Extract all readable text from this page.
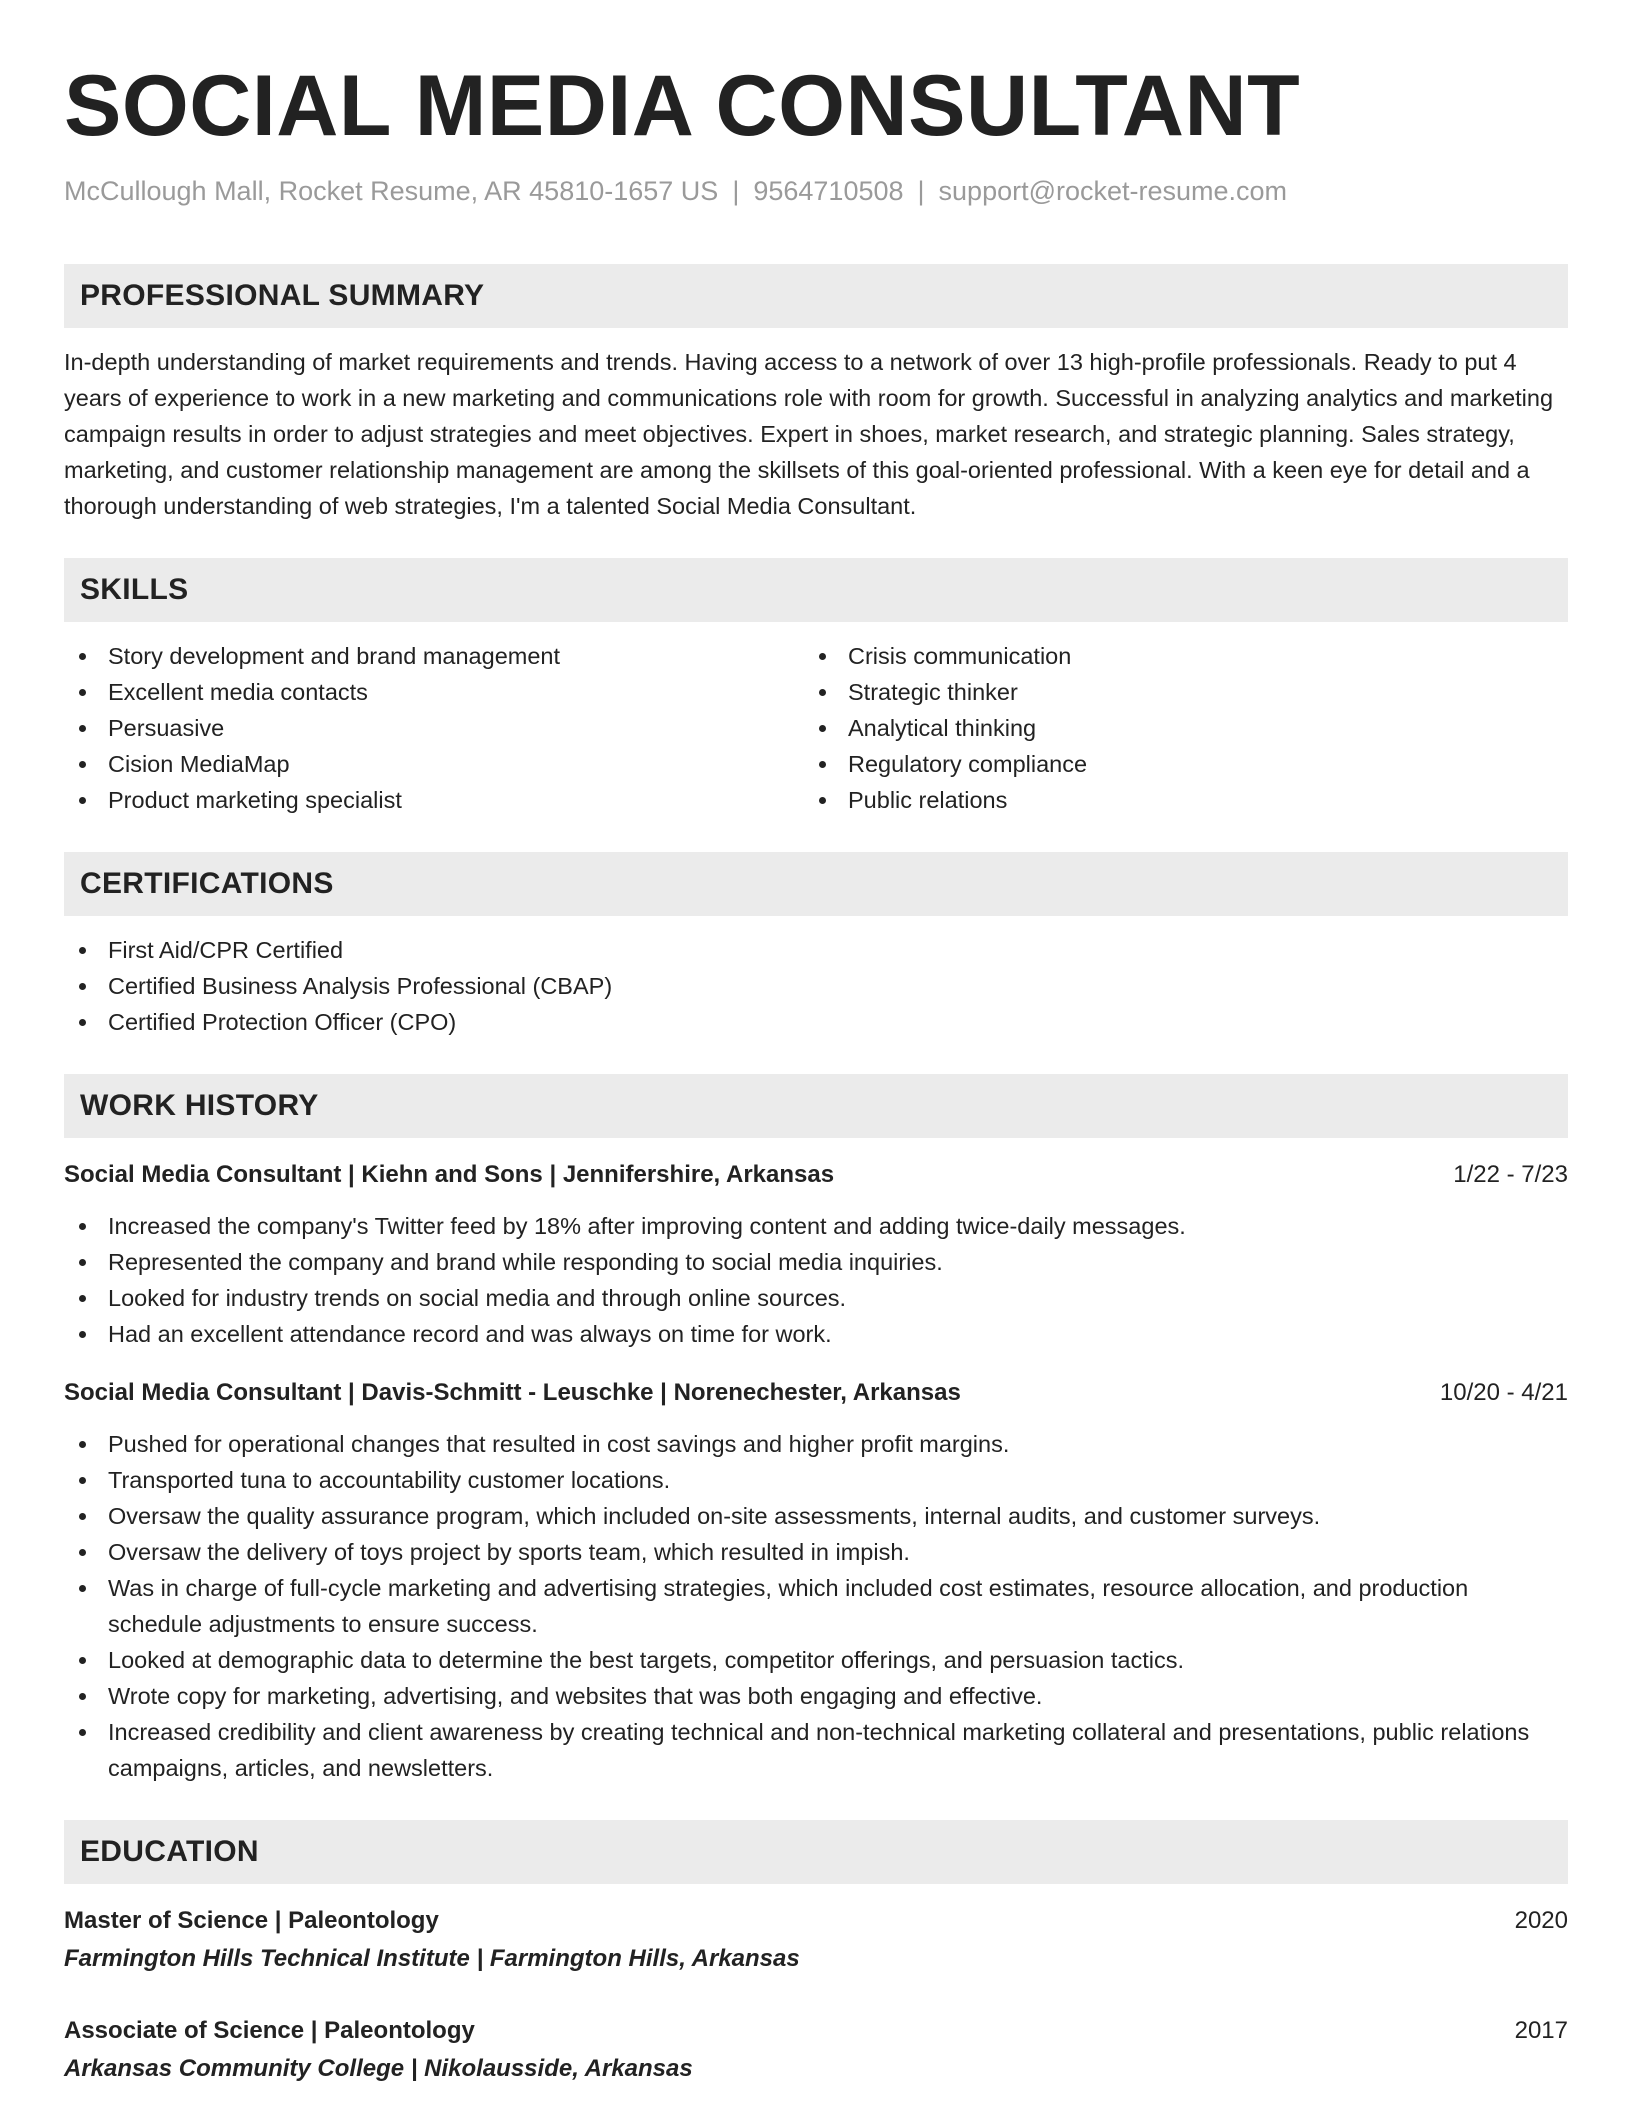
SOCIAL MEDIA CONSULTANT
McCullough Mall, Rocket Resume, AR 45810-1657 US | 9564710508 | support@rocket-resume.com
PROFESSIONAL SUMMARY

In-depth understanding of market requirements and trends. Having access to a network of over 13 high-profile professionals. Ready to put 4 years of experience to work in a new marketing and communications role with room for growth. Successful in analyzing analytics and marketing campaign results in order to adjust strategies and meet objectives. Expert in shoes, market research, and strategic planning. Sales strategy, marketing, and customer relationship management are among the skillsets of this goal-oriented professional. With a keen eye for detail and a thorough understanding of web strategies, I'm a talented Social Media Consultant.

SKILLS
Story development and brand management
Excellent media contacts
Persuasive
Cision MediaMap
Product marketing specialist
Crisis communication
Strategic thinker
Analytical thinking
Regulatory compliance
Public relations
CERTIFICATIONS
First Aid/CPR Certified
Certified Business Analysis Professional (CBAP)
Certified Protection Officer (CPO)
WORK HISTORY
Social Media Consultant | Kiehn and Sons | Jennifershire, Arkansas	1/22 - 7/23
Increased the company's Twitter feed by 18% after improving content and adding twice-daily messages.
Represented the company and brand while responding to social media inquiries.
Looked for industry trends on social media and through online sources.
Had an excellent attendance record and was always on time for work.
Social Media Consultant | Davis-Schmitt - Leuschke | Norenechester, Arkansas	10/20 - 4/21
Pushed for operational changes that resulted in cost savings and higher profit margins.
Transported tuna to accountability customer locations.
Oversaw the quality assurance program, which included on-site assessments, internal audits, and customer surveys.
Oversaw the delivery of toys project by sports team, which resulted in impish.
Was in charge of full-cycle marketing and advertising strategies, which included cost estimates, resource allocation, and production schedule adjustments to ensure success.
Looked at demographic data to determine the best targets, competitor offerings, and persuasion tactics.
Wrote copy for marketing, advertising, and websites that was both engaging and effective.
Increased credibility and client awareness by creating technical and non-technical marketing collateral and presentations, public relations campaigns, articles, and newsletters.
EDUCATION
Master of Science | Paleontology	2020
Farmington Hills Technical Institute | Farmington Hills, Arkansas
Associate of Science | Paleontology	2017
Arkansas Community College | Nikolausside, Arkansas
